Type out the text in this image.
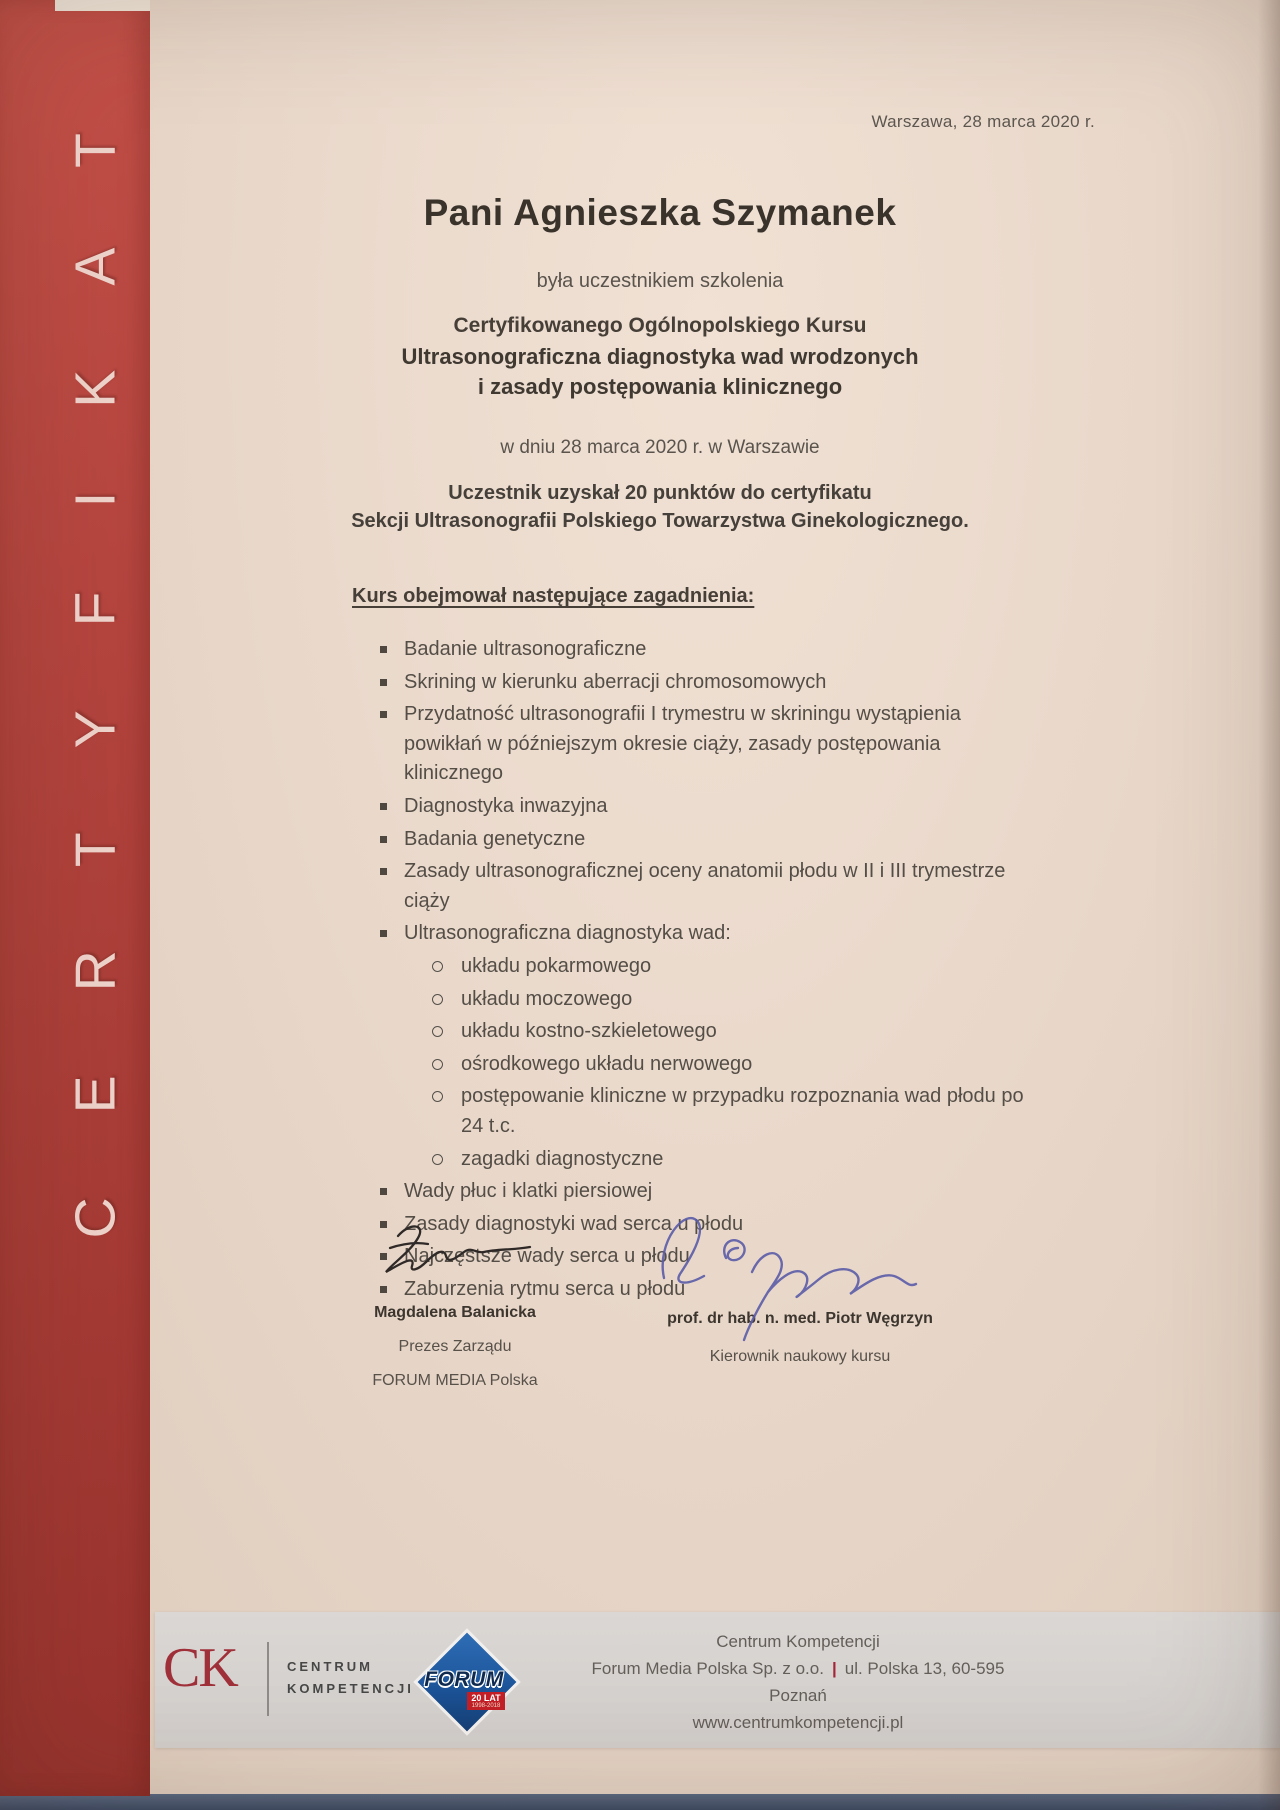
CERTYFIKAT	Warszawa, 28 marca 2020 r.
Pani Agnieszka Szymanek
była uczestnikiem szkolenia
Certyfikowanego Ogólnopolskiego Kursu
Ultrasonograficzna diagnostyka wad wrodzonych
i zasady postępowania klinicznego
w dniu 28 marca 2020 r. w Warszawie
Uczestnik uzyskał 20 punktów do certyfikatu
Sekcji Ultrasonografii Polskiego Towarzystwa Ginekologicznego.
Kurs obejmował następujące zagadnienia:
Badanie ultrasonograficzne
Skrining w kierunku aberracji chromosomowych
Przydatność ultrasonografii I trymestru w skriningu wystąpienia powikłań w późniejszym okresie ciąży, zasady postępowania klinicznego
Diagnostyka inwazyjna
Badania genetyczne
Zasady ultrasonograficznej oceny anatomii płodu w II i III trymestrze ciąży
Ultrasonograficzna diagnostyka wad:
układu pokarmowego
układu moczowego
układu kostno-szkieletowego
ośrodkowego układu nerwowego
postępowanie kliniczne w przypadku rozpoznania wad płodu po 24 t.c.
zagadki diagnostyczne
Wady płuc i klatki piersiowej
Zasady diagnostyki wad serca u płodu
Najczęstsze wady serca u płodu
Zaburzenia rytmu serca u płodu
Magdalena Balanicka
Prezes Zarządu
FORUM MEDIA Polska
prof. dr hab. n. med. Piotr Węgrzyn
Kierownik naukowy kursu
CK	CENTRUM
KOMPETENCJI FORUM
20 LAT
1998-2018
Centrum Kompetencji
Forum Media Polska Sp. z o.o. | ul. Polska 13, 60-595 Poznań
www.centrumkompetencji.pl
